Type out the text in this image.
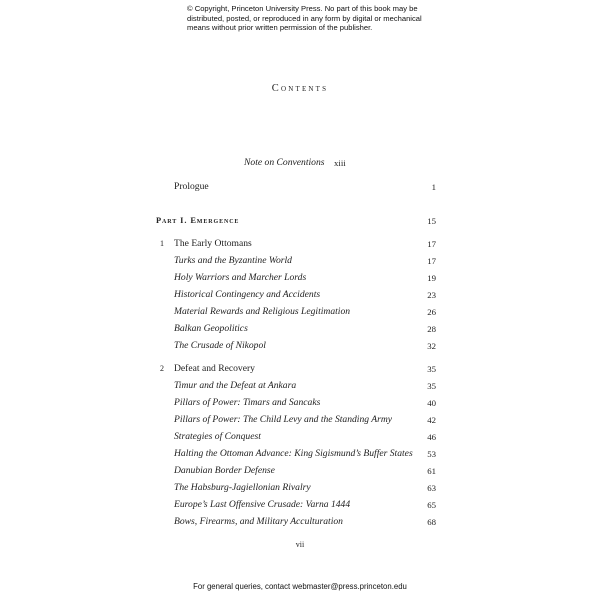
© Copyright, Princeton University Press. No part of this book may be
distributed, posted, or reproduced in any form by digital or mechanical
means without prior written permission of the publisher.
Contents
Note on Conventions xiii
Prologue	1
Part I. Emergence	15
1 The Early Ottomans	17
Turks and the Byzantine World	17
Holy Warriors and Marcher Lords	19
Historical Contingency and Accidents	23
Material Rewards and Religious Legitimation	26
Balkan Geopolitics	28
The Crusade of Nikopol	32
2 Defeat and Recovery	35
Timur and the Defeat at Ankara	35
Pillars of Power: Timars and Sancaks	40
Pillars of Power: The Child Levy and the Standing Army	42
Strategies of Conquest	46
Halting the Ottoman Advance: King Sigismund’s Buffer States	53
Danubian Border Defense	61
The Habsburg-Jagiellonian Rivalry	63
Europe’s Last Offensive Crusade: Varna 1444	65
Bows, Firearms, and Military Acculturation	68
vii
For general queries, contact webmaster@press.princeton.edu
